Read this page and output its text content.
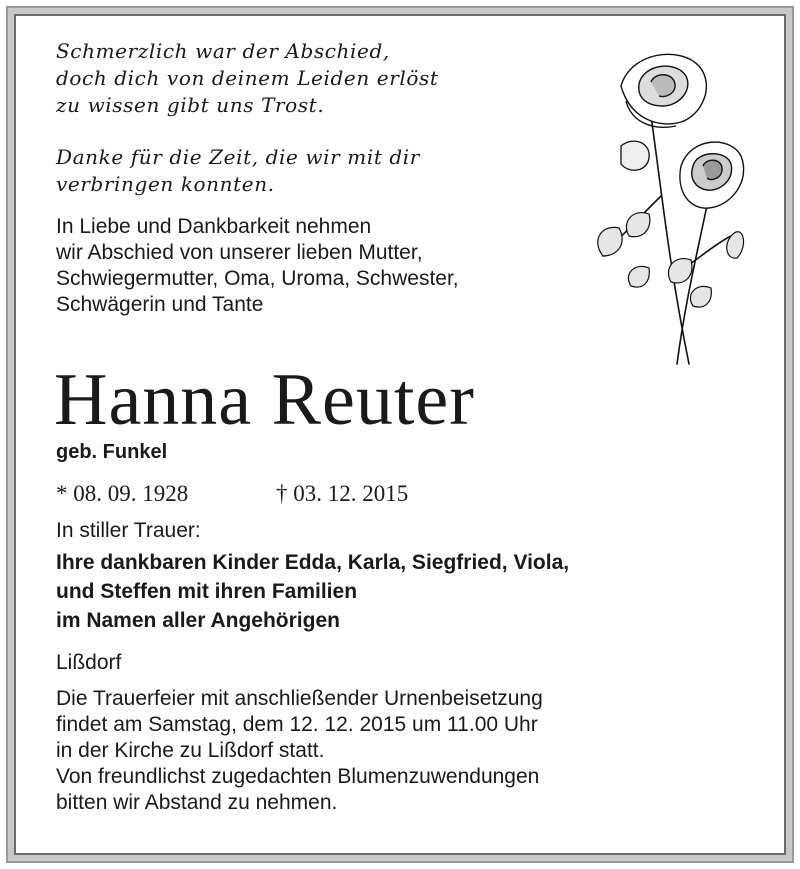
Schmerzlich war der Abschied,
doch dich von deinem Leiden erlöst
zu wissen gibt uns Trost.
Danke für die Zeit, die wir mit dir
verbringen konnten.
In Liebe und Dankbarkeit nehmen
wir Abschied von unserer lieben Mutter,
Schwiegermutter, Oma, Uroma, Schwester,
Schwägerin und Tante
Hanna Reuter
geb. Funkel
* 08. 09. 1928	† 03. 12. 2015
In stiller Trauer:
Ihre dankbaren Kinder Edda, Karla, Siegfried, Viola,
und Steffen mit ihren Familien
im Namen aller Angehörigen
Lißdorf
Die Trauerfeier mit anschließender Urnenbeisetzung
findet am Samstag, dem 12. 12. 2015 um 11.00 Uhr
in der Kirche zu Lißdorf statt.
Von freundlichst zugedachten Blumenzuwendungen
bitten wir Abstand zu nehmen.
